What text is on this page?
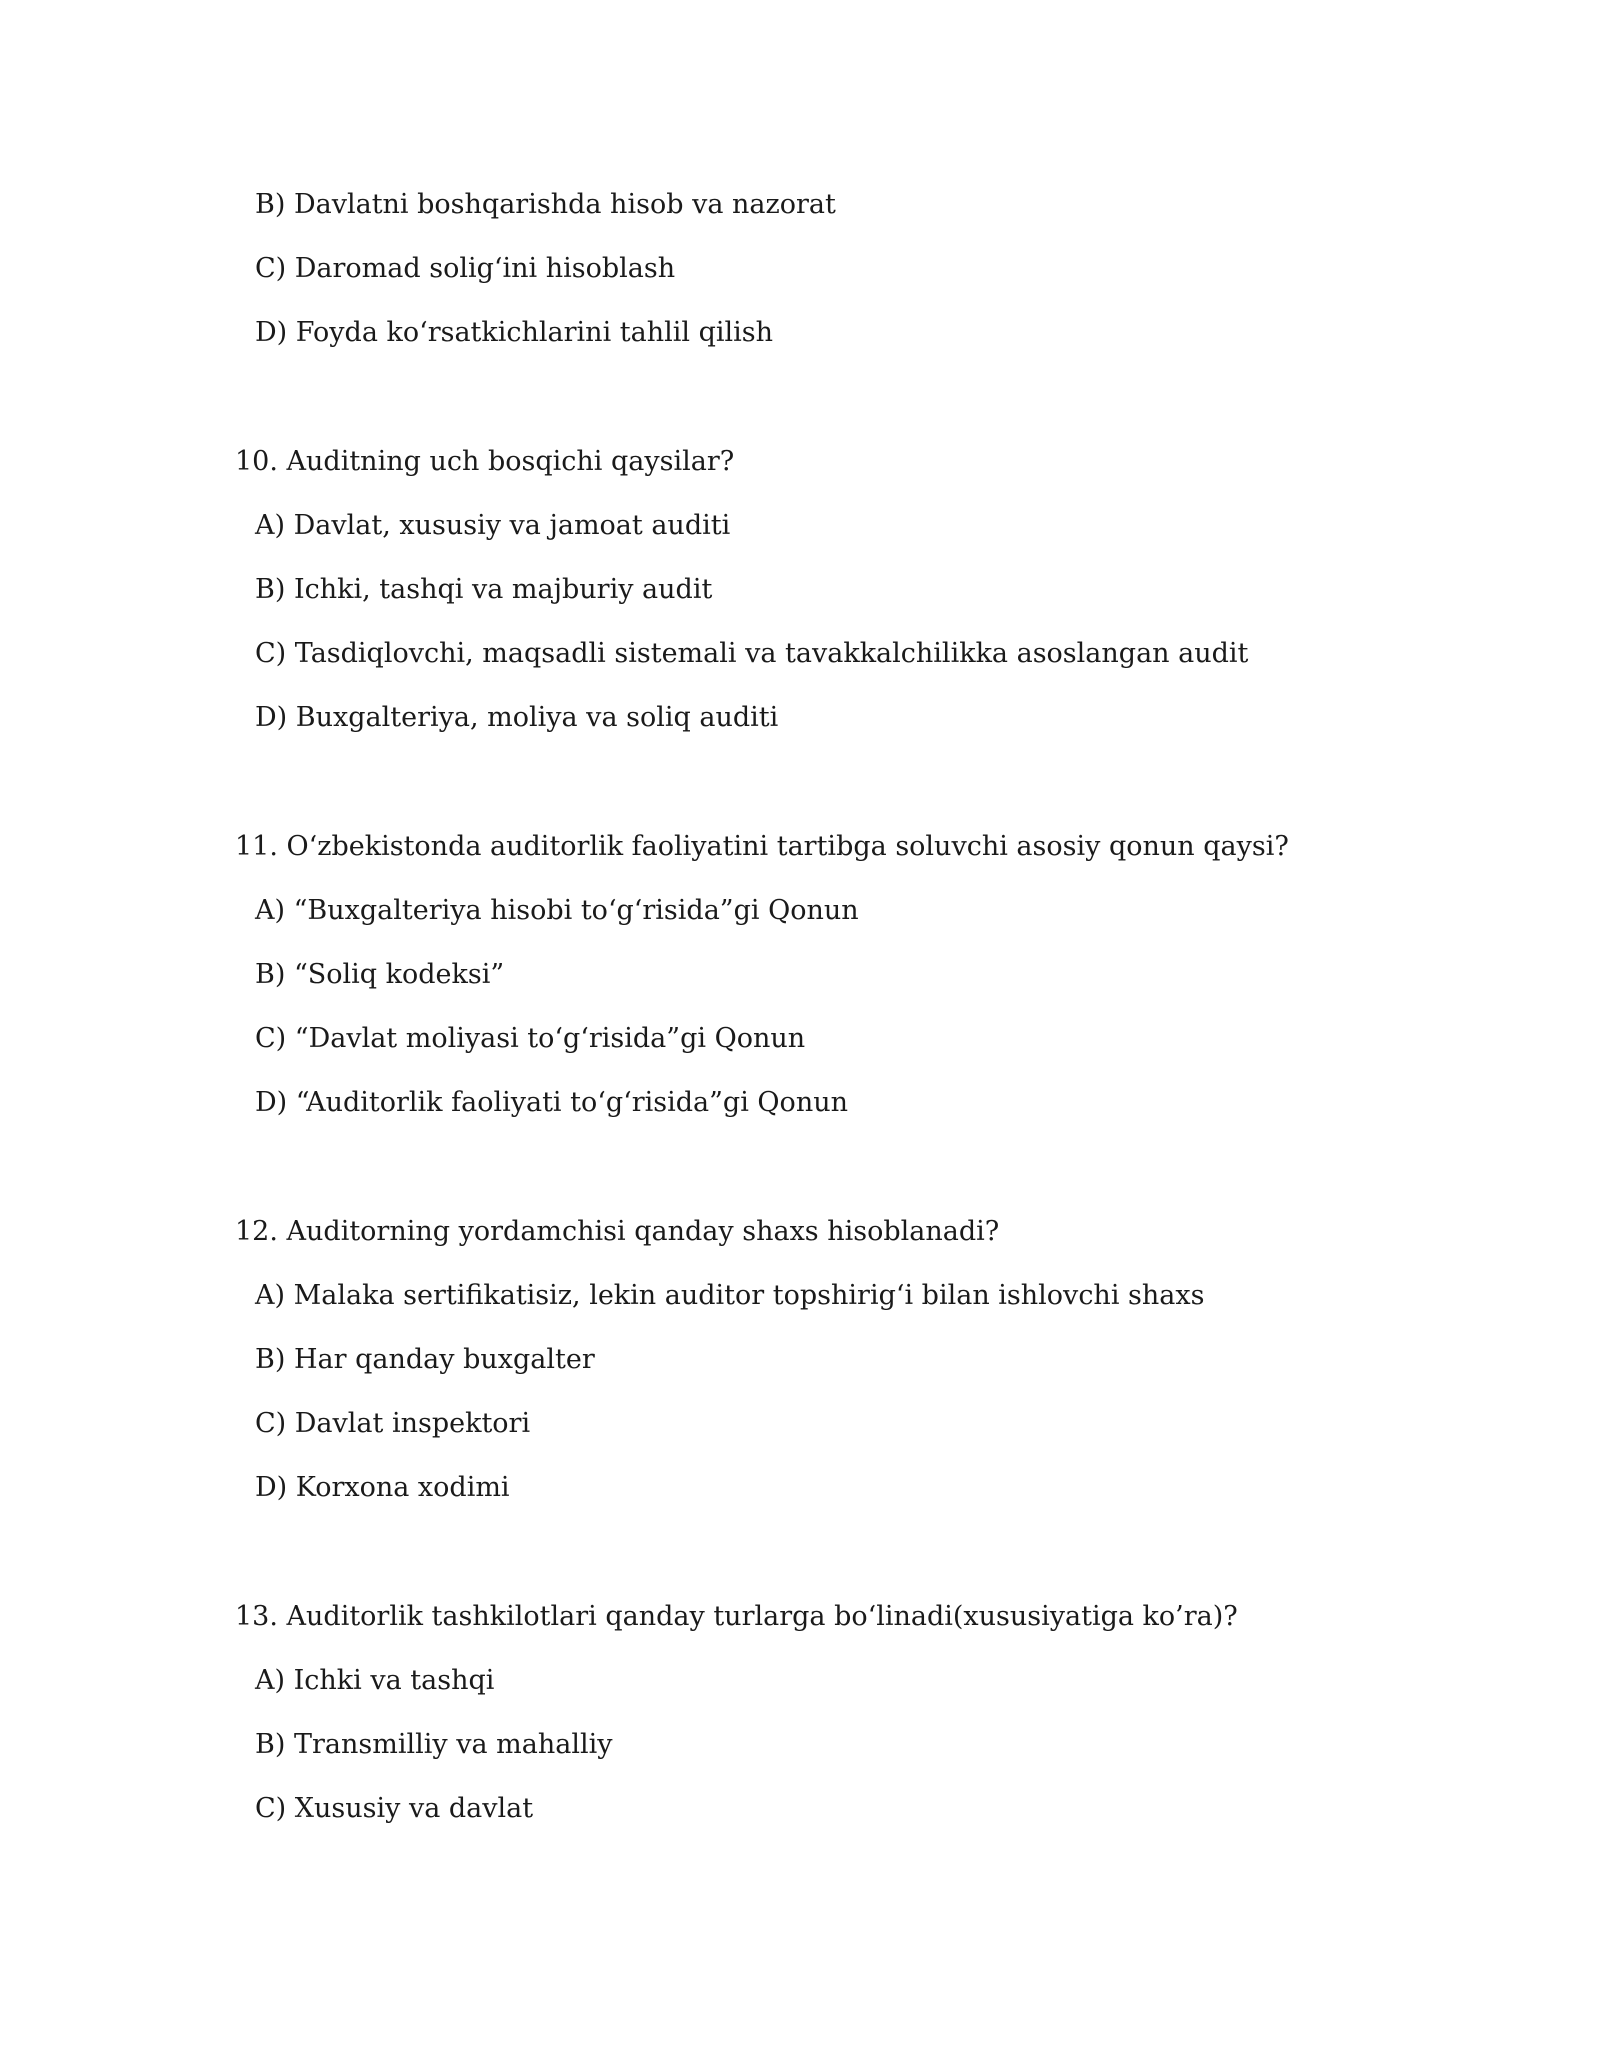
B) Davlatni boshqarishda hisob va nazorat
C) Daromad solig‘ini hisoblash
D) Foyda ko‘rsatkichlarini tahlil qilish
10. Auditning uch bosqichi qaysilar?
A) Davlat, xususiy va jamoat auditi
B) Ichki, tashqi va majburiy audit
C) Tasdiqlovchi, maqsadli sistemali va tavakkalchilikka asoslangan audit
D) Buxgalteriya, moliya va soliq auditi
11. O‘zbekistonda auditorlik faoliyatini tartibga soluvchi asosiy qonun qaysi?
A) “Buxgalteriya hisobi to‘g‘risida”gi Qonun
B) “Soliq kodeksi”
C) “Davlat moliyasi to‘g‘risida”gi Qonun
D) “Auditorlik faoliyati to‘g‘risida”gi Qonun
12. Auditorning yordamchisi qanday shaxs hisoblanadi?
A) Malaka sertifikatisiz, lekin auditor topshirig‘i bilan ishlovchi shaxs
B) Har qanday buxgalter
C) Davlat inspektori
D) Korxona xodimi
13. Auditorlik tashkilotlari qanday turlarga bo‘linadi(xususiyatiga ko’ra)?
A) Ichki va tashqi
B) Transmilliy va mahalliy
C) Xususiy va davlat
